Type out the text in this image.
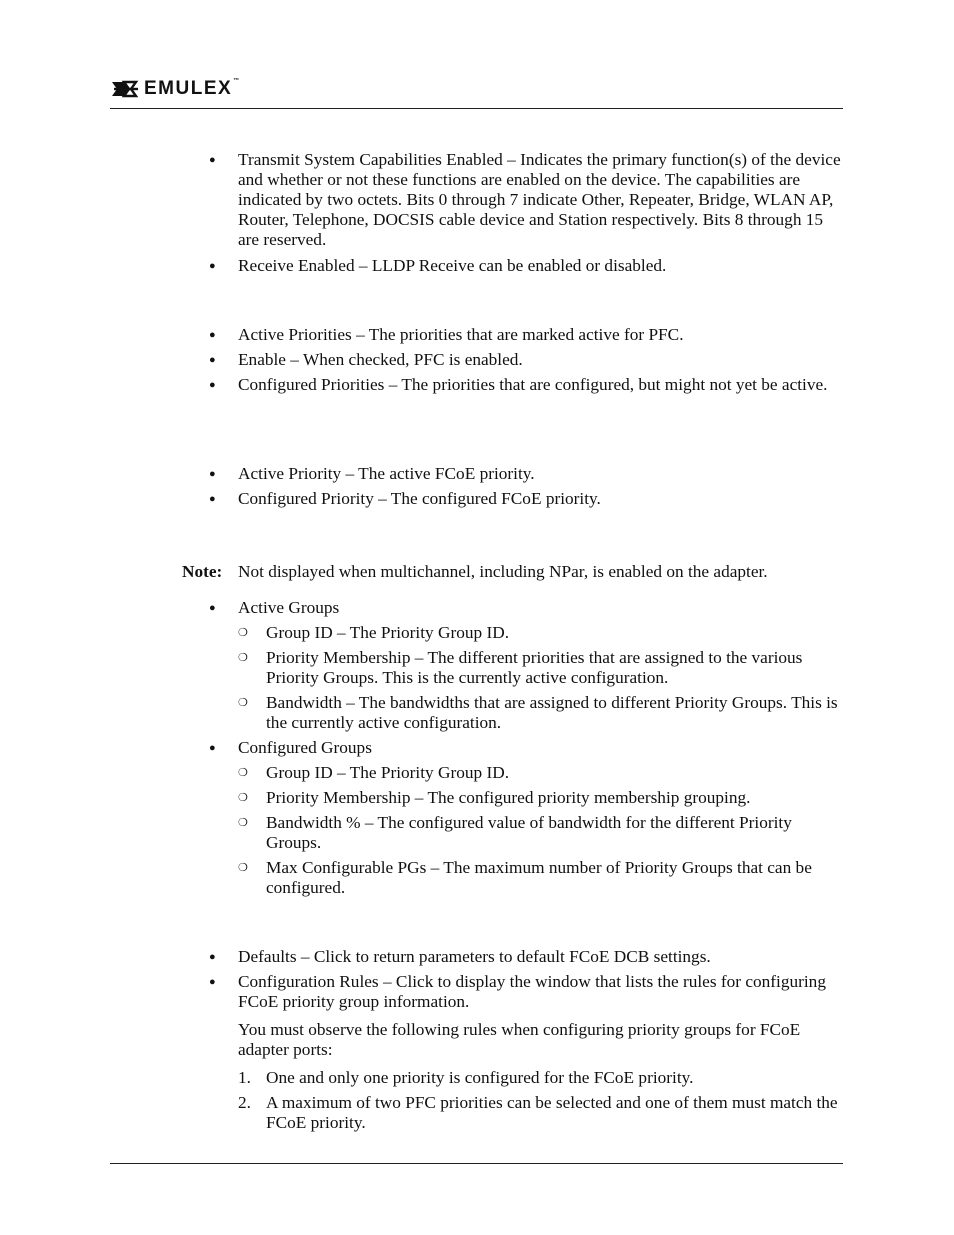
EMULEX™
●	Transmit System Capabilities Enabled – Indicates the primary function(s) of the device and whether or not these functions are enabled on the device. The capabilities are indicated by two octets. Bits 0 through 7 indicate Other, Repeater, Bridge, WLAN AP, Router, Telephone, DOCSIS cable device and Station respectively. Bits 8 through 15 are reserved.
●	Receive Enabled – LLDP Receive can be enabled or disabled.
●	Active Priorities – The priorities that are marked active for PFC.
●	Enable – When checked, PFC is enabled.
●	Configured Priorities – The priorities that are configured, but might not yet be active.
●	Active Priority – The active FCoE priority.
●	Configured Priority – The configured FCoE priority.
Note: Not displayed when multichannel, including NPar, is enabled on the adapter.
●	Active Groups
❍	Group ID – The Priority Group ID.
❍	Priority Membership – The different priorities that are assigned to the various Priority Groups. This is the currently active configuration.
❍	Bandwidth – The bandwidths that are assigned to different Priority Groups. This is the currently active configuration.
●	Configured Groups
❍	Group ID – The Priority Group ID.
❍	Priority Membership – The configured priority membership grouping.
❍	Bandwidth % – The configured value of bandwidth for the different Priority Groups.
❍	Max Configurable PGs – The maximum number of Priority Groups that can be configured.
●	Defaults – Click to return parameters to default FCoE DCB settings.
●	Configuration Rules – Click to display the window that lists the rules for configuring FCoE priority group information.
You must observe the following rules when configuring priority groups for FCoE adapter ports:
1. One and only one priority is configured for the FCoE priority.
2. A maximum of two PFC priorities can be selected and one of them must match the FCoE priority.
